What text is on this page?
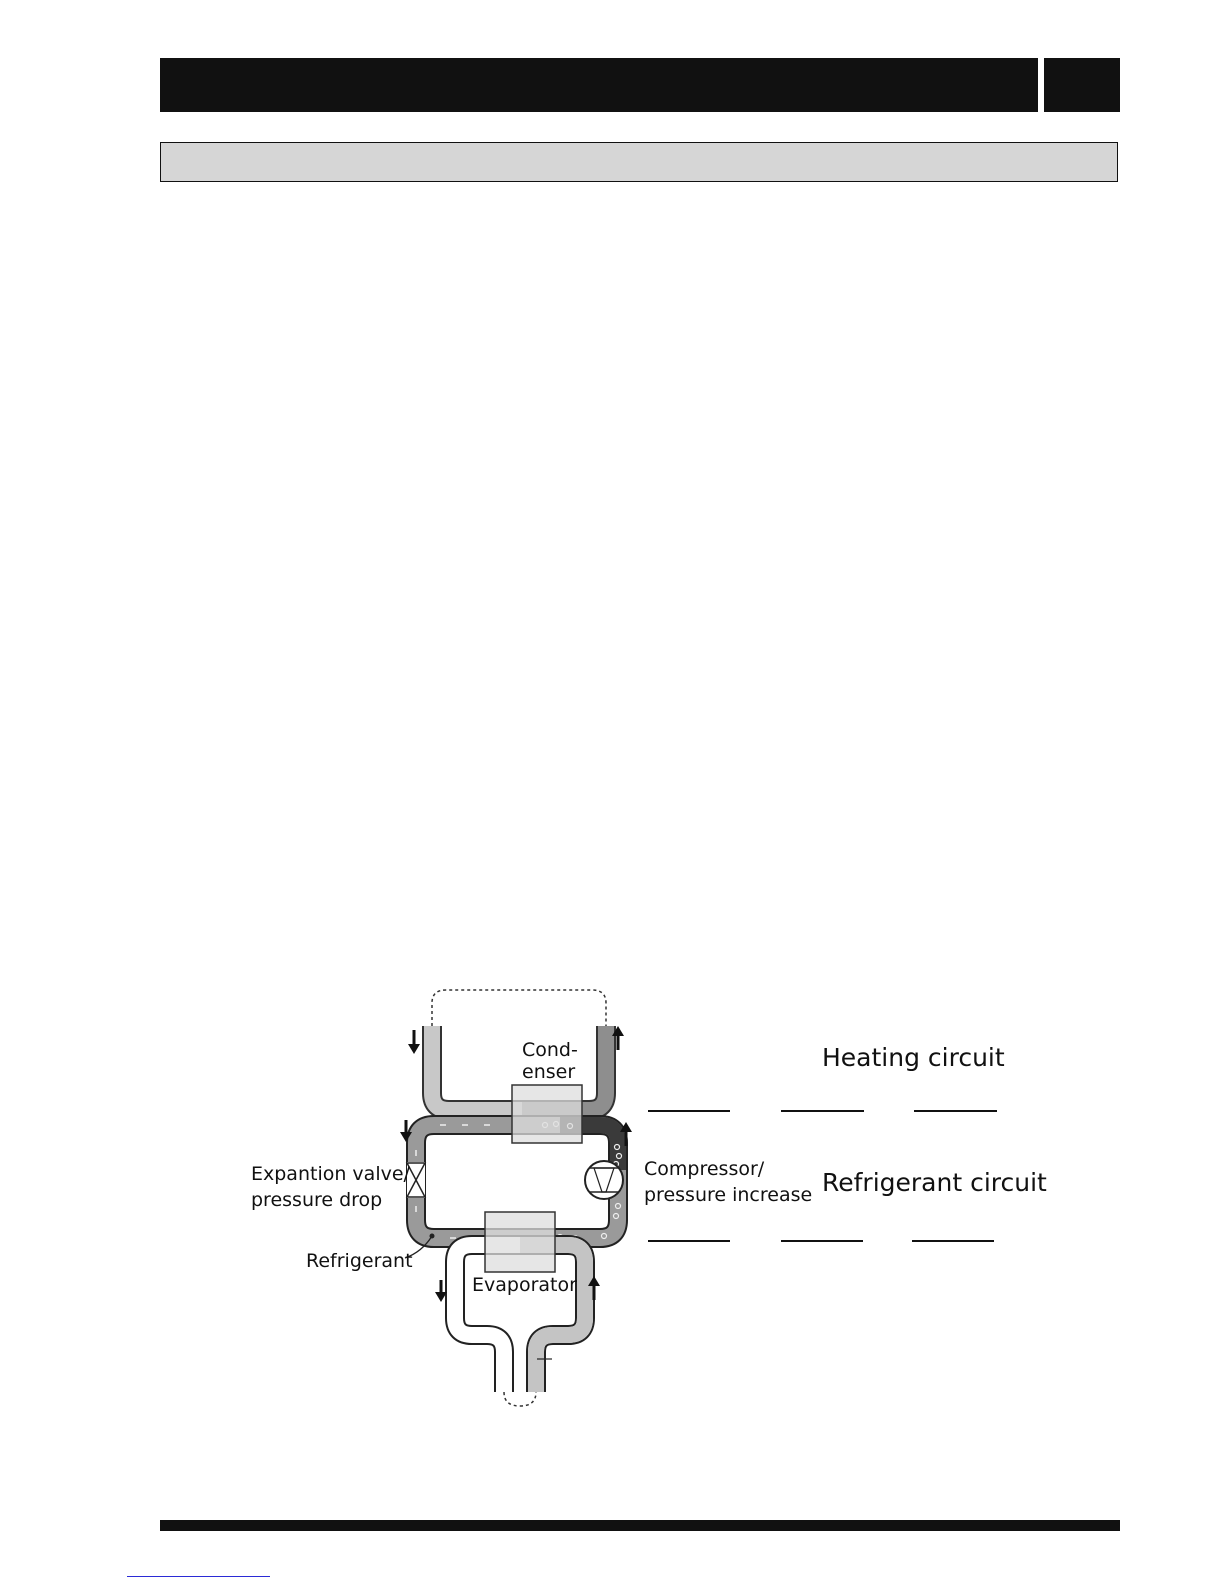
Cond-
enser
Expantion valve/
pressure drop
Compressor/
pressure increase
Refrigerant
Evaporator
Heating circuit
Refrigerant circuit
